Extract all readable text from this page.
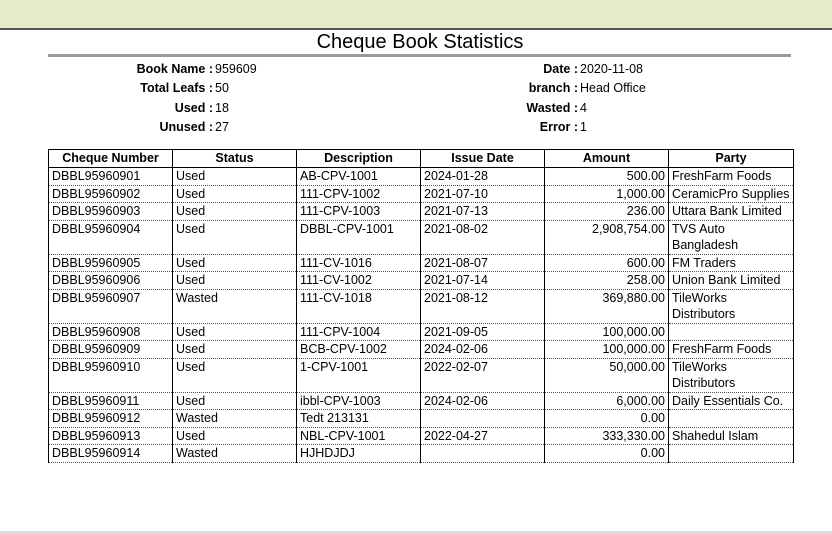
Cheque Book Statistics
Book Name : 959609
Total Leafs : 50
Used : 18
Unused : 27
Date : 2020-11-08
branch : Head Office
Wasted : 4
Error : 1
Cheque Number	Status	Description	Issue Date	Amount	Party
DBBL95960901	Used	AB-CPV-1001	2024-01-28	500.00	FreshFarm Foods
DBBL95960902	Used	111-CPV-1002	2021-07-10	1,000.00	CeramicPro Supplies
DBBL95960903	Used	111-CPV-1003	2021-07-13	236.00	Uttara Bank Limited
DBBL95960904	Used	DBBL-CPV-1001	2021-08-02	2,908,754.00	TVS Auto Bangladesh
DBBL95960905	Used	111-CV-1016	2021-08-07	600.00	FM Traders
DBBL95960906	Used	111-CV-1002	2021-07-14	258.00	Union Bank Limited
DBBL95960907	Wasted	111-CV-1018	2021-08-12	369,880.00	TileWorks Distributors
DBBL95960908	Used	111-CPV-1004	2021-09-05	100,000.00	
DBBL95960909	Used	BCB-CPV-1002	2024-02-06	100,000.00	FreshFarm Foods
DBBL95960910	Used	1-CPV-1001	2022-02-07	50,000.00	TileWorks Distributors
DBBL95960911	Used	ibbl-CPV-1003	2024-02-06	6,000.00	Daily Essentials Co.
DBBL95960912	Wasted	Tedt 213131		0.00	
DBBL95960913	Used	NBL-CPV-1001	2022-04-27	333,330.00	Shahedul Islam
DBBL95960914	Wasted	HJHDJDJ		0.00	
